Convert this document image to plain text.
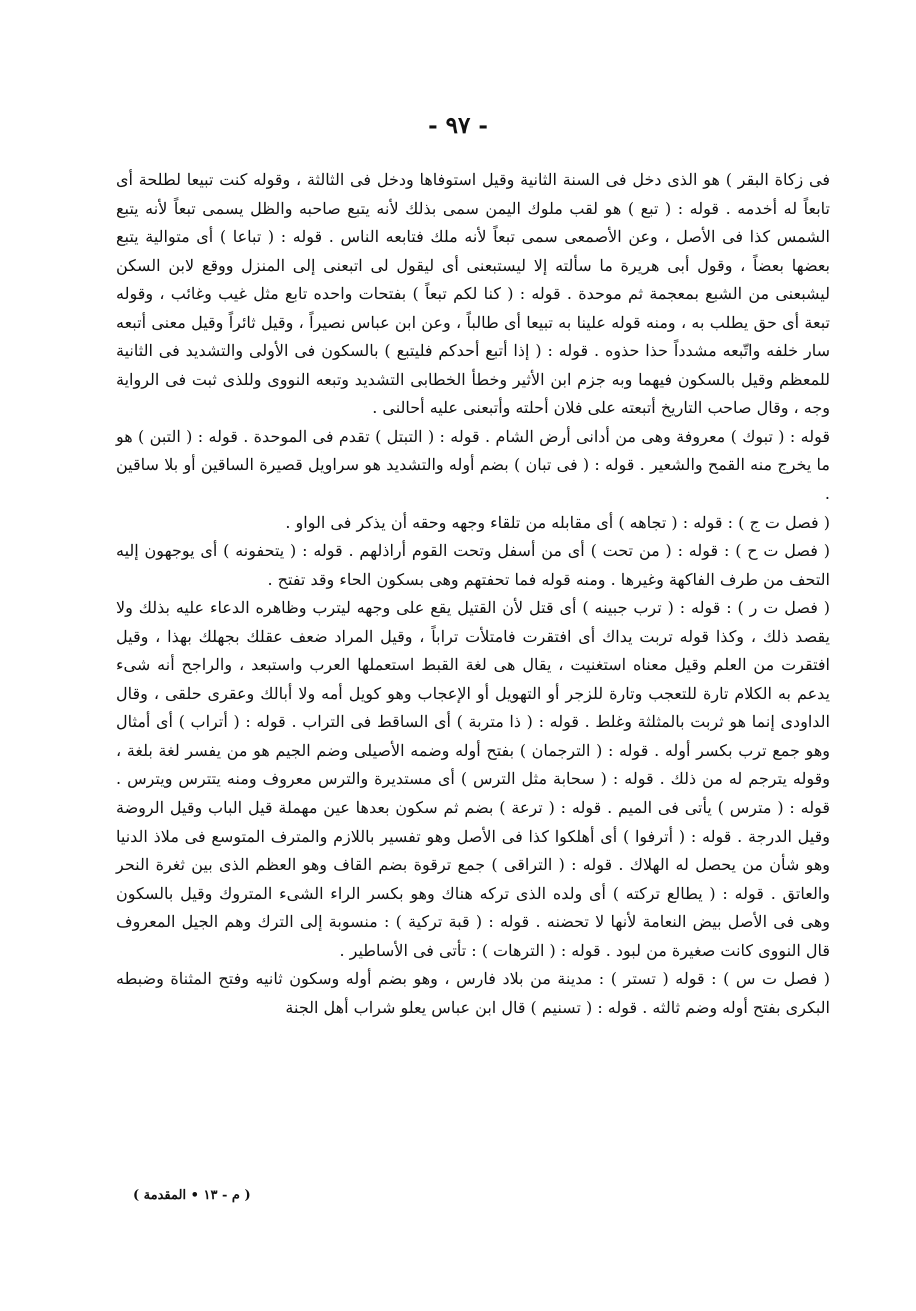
- ٩٧ -

فى زكاة البقر ) هو الذى دخل فى السنة الثانية وقيل استوفاها ودخل فى الثالثة ، وقوله كنت تبيعا لطلحة أى تابعاً له أخدمه . قوله : ( تبع ) هو لقب ملوك اليمن سمى بذلك لأنه يتبع صاحبه والظل يسمى تبعاً لأنه يتبع الشمس كذا فى الأصل ، وعن الأصمعى سمى تبعاً لأنه ملك فتابعه الناس . قوله : ( تباعا ) أى متوالية يتبع بعضها بعضاً ، وقول أبى هريرة ما سألته إلا ليستبعنى أى ليقول لى اتبعنى إلى المنزل ووقع لابن السكن ليشبعنى من الشبع بمعجمة ثم موحدة . قوله : ( كنا لكم تبعاً ) بفتحات واحده تابع مثل غيب وغائب ، وقوله تبعة أى حق يطلب به ، ومنه قوله علينا به تبيعا أى طالباً ، وعن ابن عباس نصيراً ، وقيل ثائراً وقيل معنى أتبعه سار خلفه واتّبعه مشدداً حذا حذوه . قوله : ( إذا أتبع أحدكم فليتبع ) بالسكون فى الأولى والتشديد فى الثانية للمعظم وقيل بالسكون فيهما وبه جزم ابن الأثير وخطأ الخطابى التشديد وتبعه النووى وللذى ثبت فى الرواية وجه ، وقال صاحب التاريخ أتبعته على فلان أحلته وأتبعنى عليه أحالنى .

قوله : ( تبوك ) معروفة وهى من أدانى أرض الشام . قوله : ( التبتل ) تقدم فى الموحدة . قوله : ( التبن ) هو ما يخرج منه القمح والشعير . قوله : ( فى تبان ) بضم أوله والتشديد هو سراويل قصيرة الساقين أو بلا ساقين .

( فصل ت ج ) : قوله : ( تجاهه ) أى مقابله من تلقاء وجهه وحقه أن يذكر فى الواو .

( فصل ت ح ) : قوله : ( من تحت ) أى من أسفل وتحت القوم أراذلهم . قوله : ( يتحفونه ) أى يوجهون إليه التحف من طرف الفاكهة وغيرها . ومنه قوله فما تحفتهم وهى بسكون الحاء وقد تفتح .

( فصل ت ر ) : قوله : ( ترب جبينه ) أى قتل لأن القتيل يقع على وجهه ليترب وظاهره الدعاء عليه بذلك ولا يقصد ذلك ، وكذا قوله تربت يداك أى افتقرت فامتلأت تراباً ، وقيل المراد ضعف عقلك بجهلك بهذا ، وقيل افتقرت من العلم وقيل معناه استغنيت ، يقال هى لغة القبط استعملها العرب واستبعد ، والراجح أنه شىء يدعم به الكلام تارة للتعجب وتارة للزجر أو التهويل أو الإعجاب وهو كويل أمه ولا أبالك وعقرى حلقى ، وقال الداودى إنما هو ثربت بالمثلثة وغلط . قوله : ( ذا متربة ) أى الساقط فى التراب . قوله : ( أتراب ) أى أمثال وهو جمع ترب بكسر أوله . قوله : ( الترجمان ) بفتح أوله وضمه الأصيلى وضم الجيم هو من يفسر لغة بلغة ، وقوله يترجم له من ذلك . قوله : ( سحابة مثل الترس ) أى مستديرة والترس معروف ومنه يتترس ويترس . قوله : ( مترس ) يأتى فى الميم . قوله : ( ترعة ) بضم ثم سكون بعدها عين مهملة قيل الباب وقيل الروضة وقيل الدرجة . قوله : ( أترفوا ) أى أهلكوا كذا فى الأصل وهو تفسير باللازم والمترف المتوسع فى ملاذ الدنيا وهو شأن من يحصل له الهلاك . قوله : ( التراقى ) جمع ترقوة بضم القاف وهو العظم الذى بين ثغرة النحر والعاتق . قوله : ( يطالع تركته ) أى ولده الذى تركه هناك وهو بكسر الراء الشىء المتروك وقيل بالسكون وهى فى الأصل بيض النعامة لأنها لا تحضنه . قوله : ( قبة تركية ) : منسوبة إلى الترك وهم الجيل المعروف قال النووى كانت صغيرة من لبود . قوله : ( الترهات ) : تأتى فى الأساطير .

( فصل ت س ) : قوله ( تستر ) : مدينة من بلاد فارس ، وهو بضم أوله وسكون ثانيه وفتح المثناة وضبطه البكرى بفتح أوله وضم ثالثه . قوله : ( تسنيم ) قال ابن عباس يعلو شراب أهل الجنة

( م - ١٣ • المقدمة )
